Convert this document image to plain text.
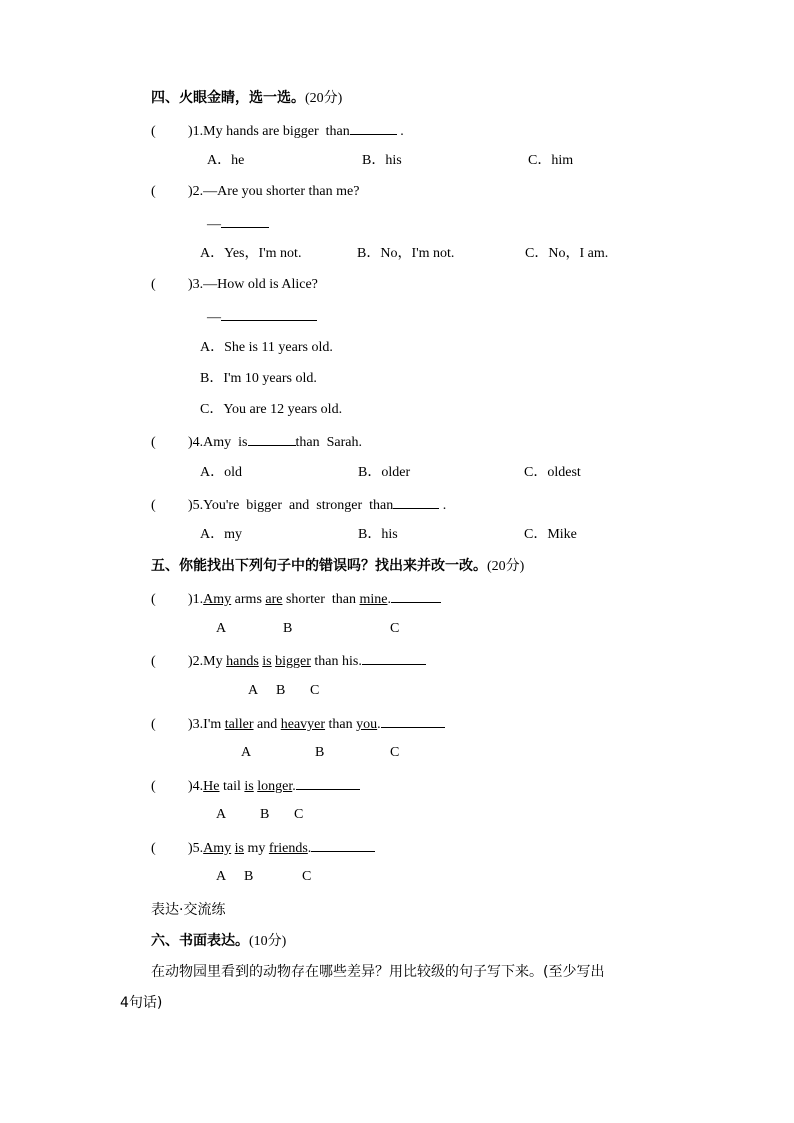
四、火眼金睛，选一选。(20分)
( )1.My hands are bigger  than	.
A．he	B．his	C．him
( )2.—Are you shorter than me?
—
A．Yes，I'm not.	B．No，I'm not.	C．No，I am.
( )3.—How old is Alice?
—
A．She is 11 years old.
B．I'm 10 years old.
C．You are 12 years old.
( )4.Amy  is	than  Sarah.
A．old	B．older	C．oldest
( )5.You're  bigger  and  stronger  than	.
A．my	B．his	C．Mike
五、你能找出下列句子中的错误吗？找出来并改一改。(20分)
( )1.Amy arms are shorter  than mine.
A	B	C
( )2.My hands is bigger than his.
A B C
( )3.I'm taller and heavyer than you.
A	B	C
( )4.He tail is longer.
A B C
( )5.Amy is my friends.
A B	C
表达·交流练
六、书面表达。(10分)
在动物园里看到的动物存在哪些差异？用比较级的句子写下来。(至少写出
4句话)
